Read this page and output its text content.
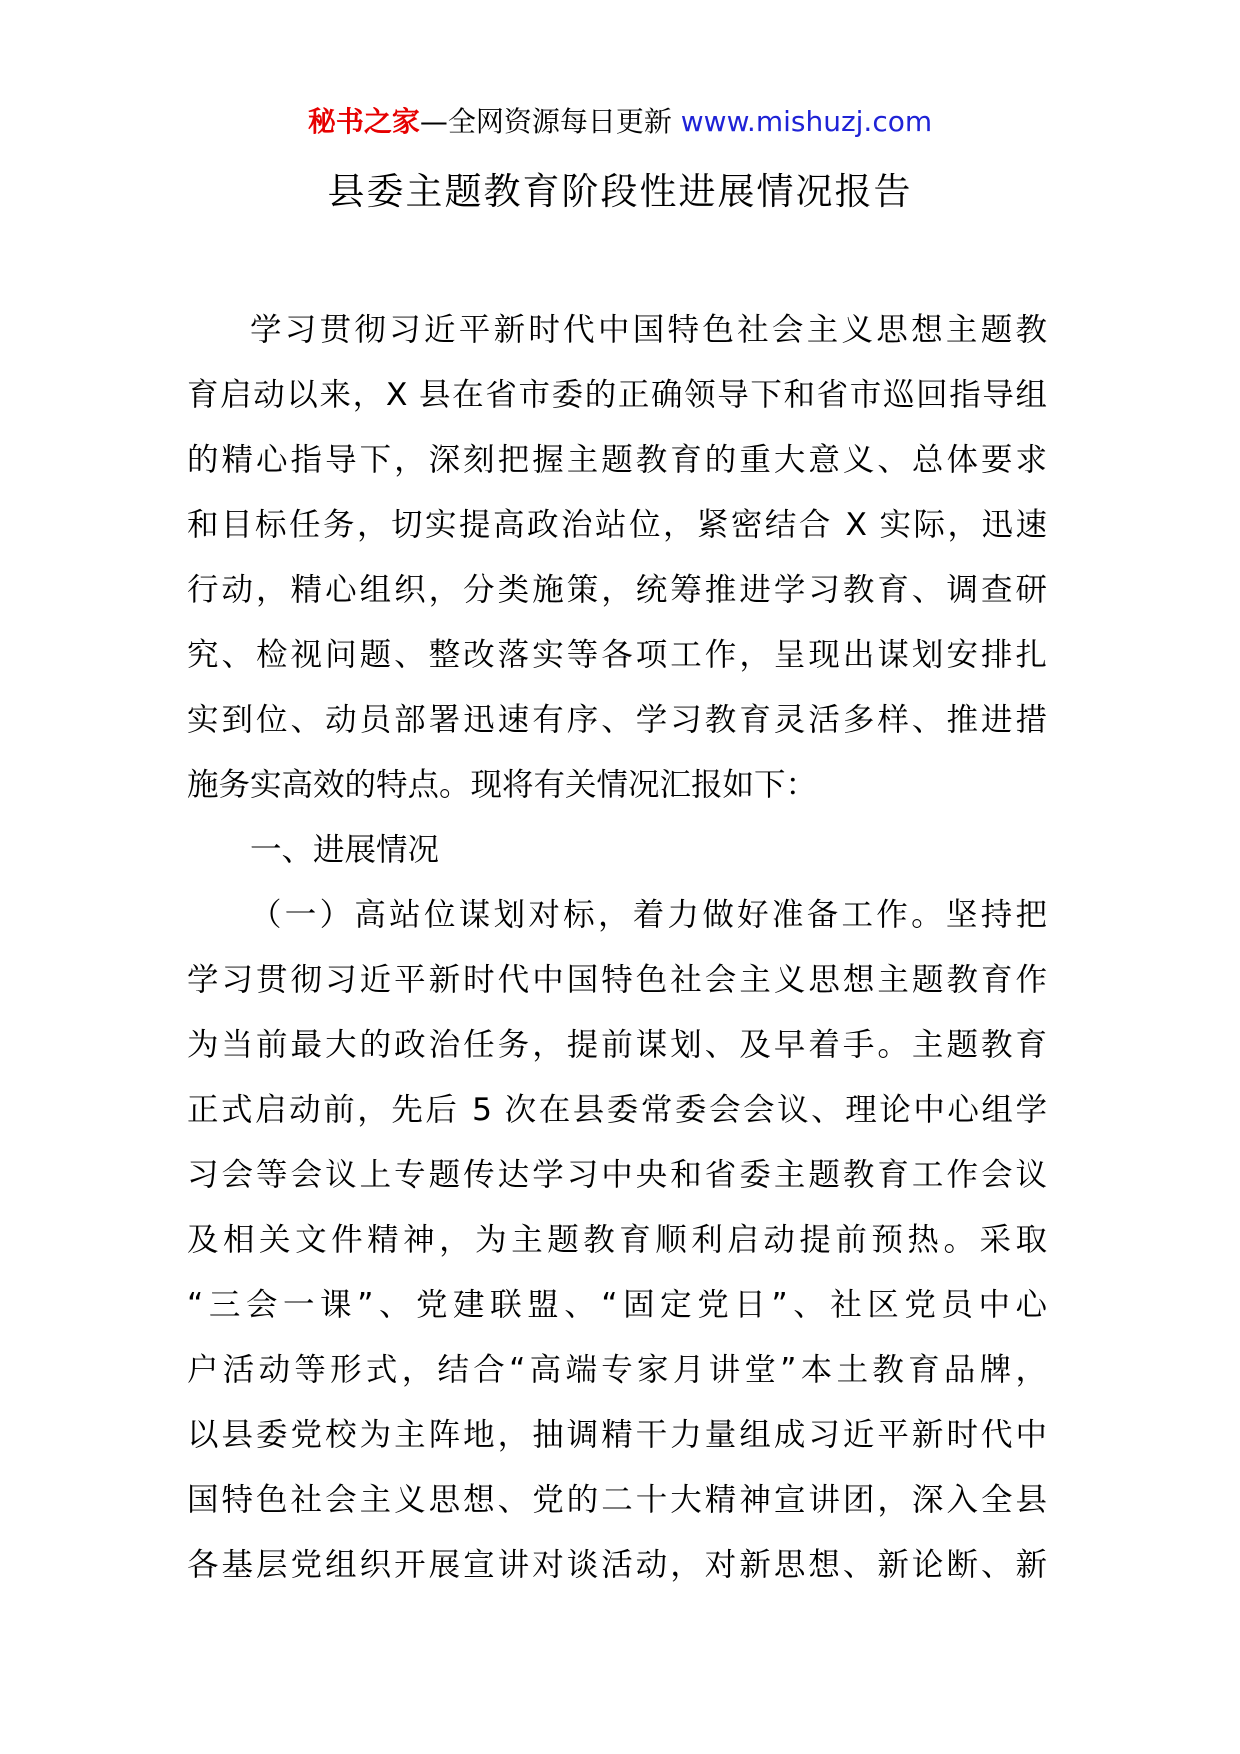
秘书之家—全网资源每日更新 www.mishuzj.com
县委主题教育阶段性进展情况报告
学习贯彻习近平新时代中国特色社会主义思想主题教
育启动以来，X 县在省市委的正确领导下和省市巡回指导组
的精心指导下，深刻把握主题教育的重大意义、总体要求
和目标任务，切实提高政治站位，紧密结合 X 实际，迅速
行动，精心组织，分类施策，统筹推进学习教育、调查研
究、检视问题、整改落实等各项工作，呈现出谋划安排扎
实到位、动员部署迅速有序、学习教育灵活多样、推进措
施务实高效的特点。现将有关情况汇报如下：
一、进展情况
（一）高站位谋划对标，着力做好准备工作。坚持把
学习贯彻习近平新时代中国特色社会主义思想主题教育作
为当前最大的政治任务，提前谋划、及早着手。主题教育
正式启动前，先后 5 次在县委常委会会议、理论中心组学
习会等会议上专题传达学习中央和省委主题教育工作会议
及相关文件精神，为主题教育顺利启动提前预热。采取
“三会一课”、党建联盟、“固定党日”、社区党员中心
户活动等形式，结合“高端专家月讲堂”本土教育品牌，
以县委党校为主阵地，抽调精干力量组成习近平新时代中
国特色社会主义思想、党的二十大精神宣讲团，深入全县
各基层党组织开展宣讲对谈活动，对新思想、新论断、新
